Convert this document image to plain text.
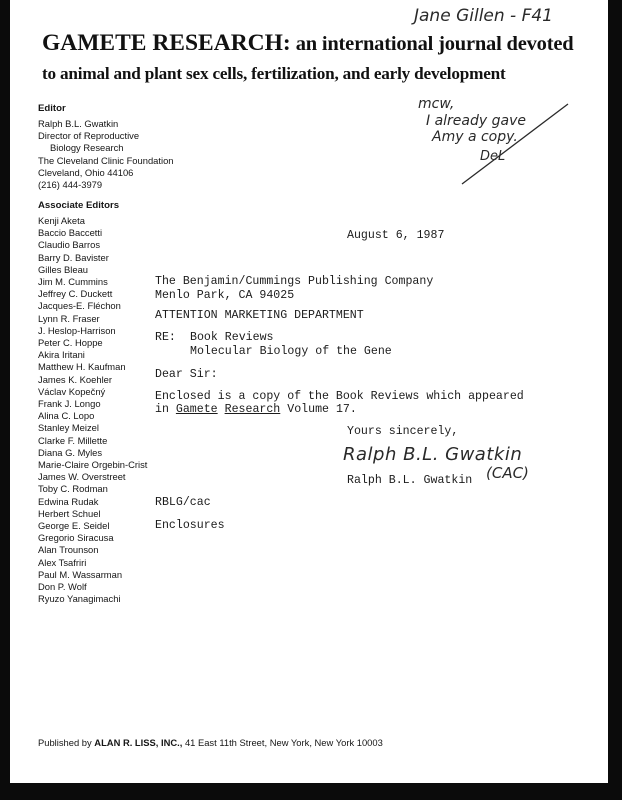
Jane Gillen - F41
GAMETE RESEARCH: an international journal devoted
to animal and plant sex cells, fertilization, and early development
Editor
Ralph B.L. Gwatkin
Director of Reproductive
Biology Research
The Cleveland Clinic Foundation
Cleveland, Ohio 44106
(216) 444-3979
Associate Editors
Kenji Aketa
Baccio Baccetti
Claudio Barros
Barry D. Bavister
Gilles Bleau
Jim M. Cummins
Jeffrey C. Duckett
Jacques-E. Fléchon
Lynn R. Fraser
J. Heslop-Harrison
Peter C. Hoppe
Akira Iritani
Matthew H. Kaufman
James K. Koehler
Václav Kopečný
Frank J. Longo
Alina C. Lopo
Stanley Meizel
Clarke F. Millette
Diana G. Myles
Marie-Claire Orgebin-Crist
James W. Overstreet
Toby C. Rodman
Edwina Rudak
Herbert Schuel
George E. Seidel
Gregorio Siracusa
Alan Trounson
Alex Tsafriri
Paul M. Wassarman
Don P. Wolf
Ryuzo Yanagimachi
mcw,
I already gave
Amy a copy.
DeL
August 6, 1987
The Benjamin/Cummings Publishing Company
Menlo Park, CA 94025
ATTENTION MARKETING DEPARTMENT
RE: Book Reviews
Molecular Biology of the Gene
Dear Sir:
Enclosed is a copy of the Book Reviews which appeared
in Gamete Research Volume 17.
Yours sincerely,
Ralph B.L. Gwatkin
(CAC)
Ralph B.L. Gwatkin
RBLG/cac
Enclosures
Published by ALAN R. LISS, INC., 41 East 11th Street, New York, New York 10003
